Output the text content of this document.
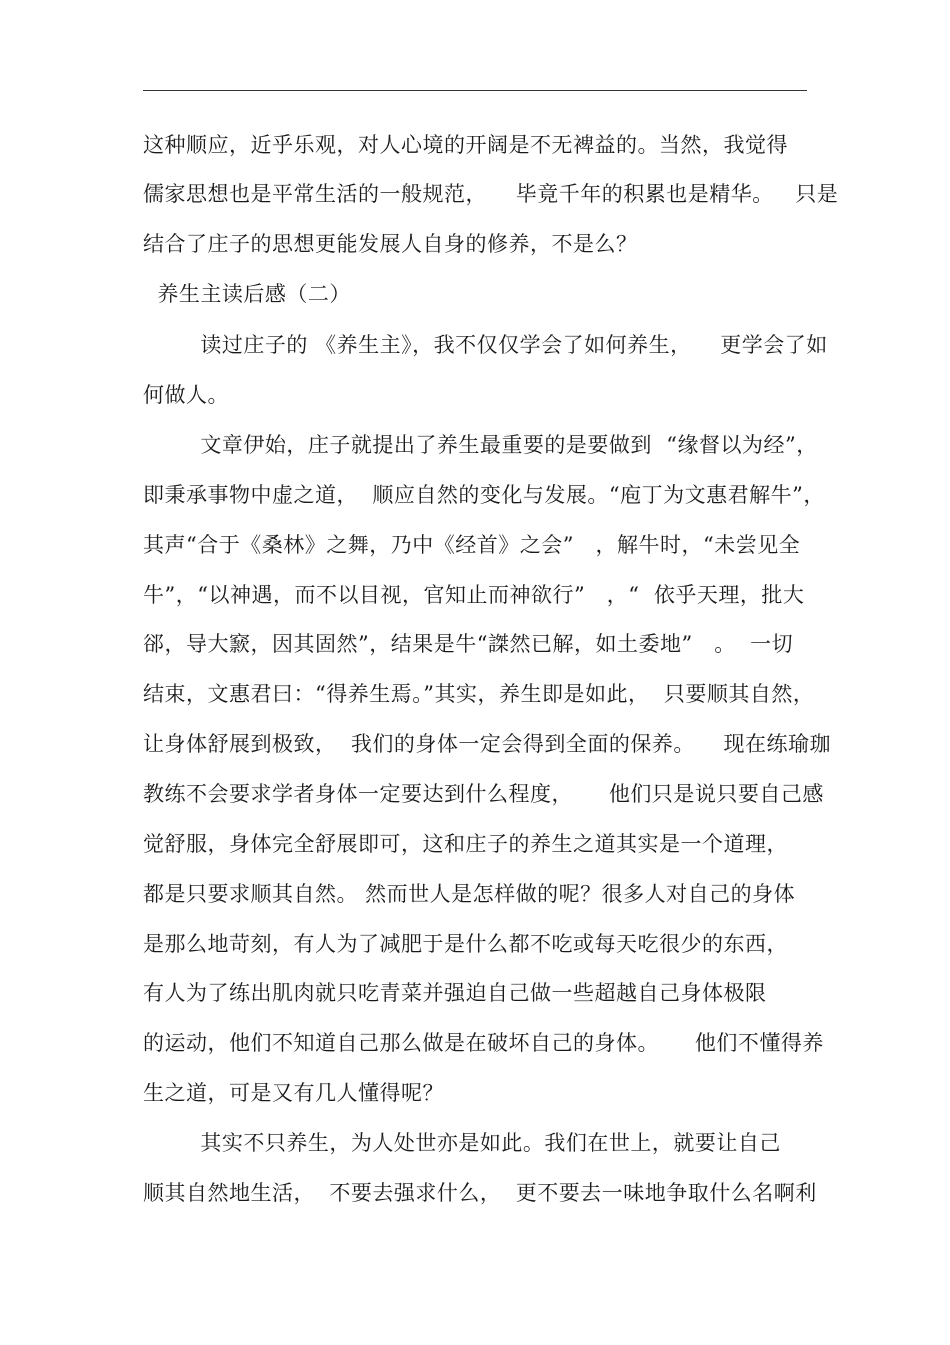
这种顺应，近乎乐观，对人心境的开阔是不无裨益的。当然，我觉得
儒家思想也是平常生活的一般规范，    毕竟千年的积累也是精华。   只是
结合了庄子的思想更能发展人自身的修养，不是么？
养生主读后感（二）
读过庄子的 《养生主》，我不仅仅学会了如何养生，    更学会了如
何做人。
文章伊始，庄子就提出了养生最重要的是要做到  “缘督以为经”，
即秉承事物中虚之道，  顺应自然的变化与发展。“庖丁为文惠君解牛”，
其声“合于《桑林》之舞，乃中《经首》之会”   ，解牛时，“未尝见全
牛”，“以神遇，而不以目视，官知止而神欲行”   ，“  依乎天理，批大
郤，导大窾，因其固然”，结果是牛“謋然已解，如土委地”   。  一切
结束，文惠君曰：“得养生焉。”其实，养生即是如此，  只要顺其自然，
让身体舒展到极致，  我们的身体一定会得到全面的保养。    现在练瑜珈
教练不会要求学者身体一定要达到什么程度，     他们只是说只要自己感
觉舒服，身体完全舒展即可，这和庄子的养生之道其实是一个道理，
都是只要求顺其自然。 然而世人是怎样做的呢？很多人对自己的身体
是那么地苛刻，有人为了减肥于是什么都不吃或每天吃很少的东西，
有人为了练出肌肉就只吃青菜并强迫自己做一些超越自己身体极限
的运动，他们不知道自己那么做是在破坏自己的身体。     他们不懂得养
生之道，可是又有几人懂得呢？
其实不只养生，为人处世亦是如此。我们在世上，就要让自己
顺其自然地生活，  不要去强求什么，  更不要去一味地争取什么名啊利
